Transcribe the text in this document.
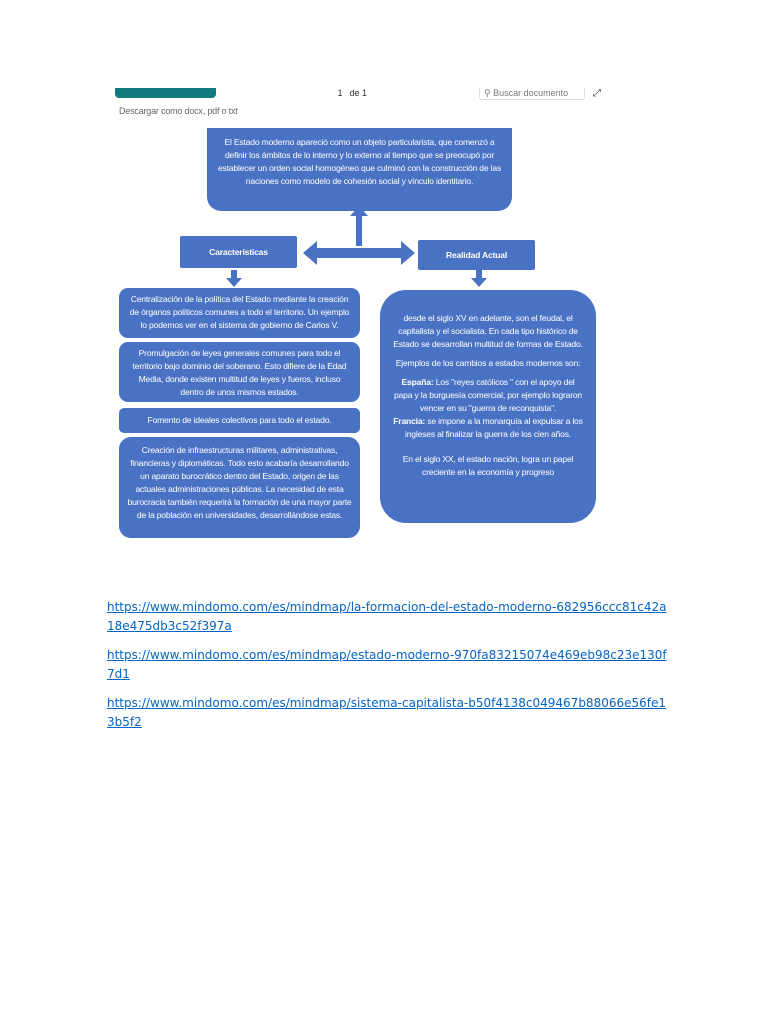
Descargar como docx, pdf o txt
1 de 1	⚲ Buscar documento	⤢
El Estado moderno apareció como un objeto particularista, que comenzó a definir los ámbitos de lo interno y lo externo al tiempo que se preocupó por establecer un orden social homogéneo que culminó con la construcción de las naciones como modelo de cohesión social y vínculo identitario.
Características	Realidad Actual

Centralización de la política del Estado mediante la creación de órganos políticos comunes a todo el territorio. Un ejemplo lo podemos ver en el sistema de gobierno de Carlos V.

Promulgación de leyes generales comunes para todo el territorio bajo dominio del soberano. Esto difiere de la Edad Media, donde existen multitud de leyes y fueros, incluso dentro de unos mismos estados.

Fomento de ideales colectivos para todo el estado.

Creación de infraestructuras militares, administrativas, financieras y diplomáticas. Todo esto acabaría desarrollando un aparato burocrático dentro del Estado, origen de las actuales administraciones públicas. La necesidad de esta burocracia también requerirá la formación de una mayor parte de la población en universidades, desarrollándose estas.

desde el siglo XV en adelante, son el feudal, el capitalista y el socialista. En cada tipo histórico de Estado se desarrollan multitud de formas de Estado.

Ejemplos de los cambios a estados modernos son:

España: Los "reyes católicos " con el apoyo del papa y la burguesía comercial, por ejemplo lograron vencer en su "guerra de reconquista".

Francia: se impone a la monarquía al expulsar a los ingleses al finalizar la guerra de los cien años.

En el siglo XX, el estado nación, logra un papel creciente en la economía y progreso

https://www.mindomo.com/es/mindmap/la-formacion-del-estado-moderno-682956ccc81c42a18e475db3c52f397a
https://www.mindomo.com/es/mindmap/estado-moderno-970fa83215074e469eb98c23e130f7d1
https://www.mindomo.com/es/mindmap/sistema-capitalista-b50f4138c049467b88066e56fe13b5f2
